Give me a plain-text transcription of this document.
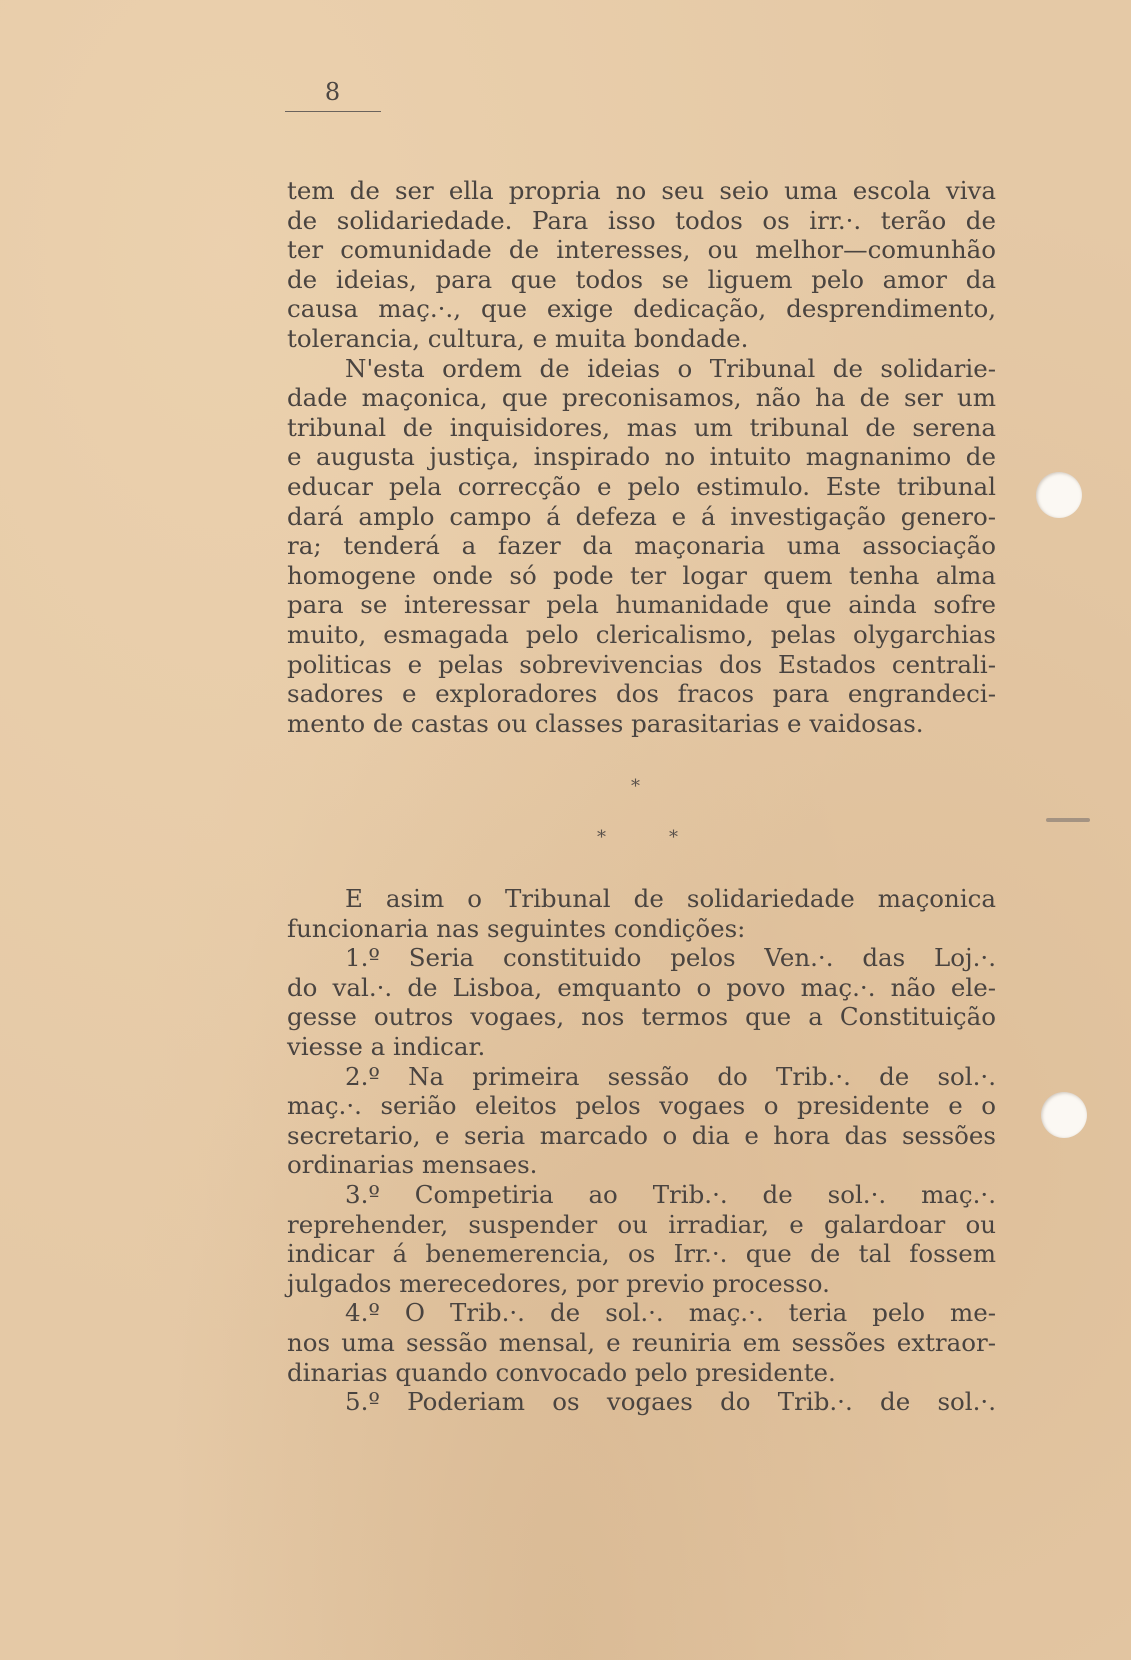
8
tem de ser ella propria no seu seio uma escola viva
de solidariedade. Para isso todos os irr.·. terão de
ter comunidade de interesses, ou melhor—comunhão
de ideias, para que todos se liguem pelo amor da
causa maç.·., que exige dedicação, desprendimento,
tolerancia, cultura, e muita bondade.
N'esta ordem de ideias o Tribunal de solidarie-
dade maçonica, que preconisamos, não ha de ser um
tribunal de inquisidores, mas um tribunal de serena
e augusta justiça, inspirado no intuito magnanimo de
educar pela correcção e pelo estimulo. Este tribunal
dará amplo campo á defeza e á investigação genero-
ra; tenderá a fazer da maçonaria uma associação
homogene onde só pode ter logar quem tenha alma
para se interessar pela humanidade que ainda sofre
muito, esmagada pelo clericalismo, pelas olygarchias
politicas e pelas sobrevivencias dos Estados centrali-
sadores e exploradores dos fracos para engrandeci-
mento de castas ou classes parasitarias e vaidosas.
*
*	*
E asim o Tribunal de solidariedade maçonica
funcionaria nas seguintes condições:
1.º Seria constituido pelos Ven.·. das Loj.·.
do val.·. de Lisboa, emquanto o povo maç.·. não ele-
gesse outros vogaes, nos termos que a Constituição
viesse a indicar.
2.º Na primeira sessão do Trib.·. de sol.·.
maç.·. serião eleitos pelos vogaes o presidente e o
secretario, e seria marcado o dia e hora das sessões
ordinarias mensaes.
3.º Competiria ao Trib.·. de sol.·. maç.·.
reprehender, suspender ou irradiar, e galardoar ou
indicar á benemerencia, os Irr.·. que de tal fossem
julgados merecedores, por previo processo.
4.º O Trib.·. de sol.·. maç.·. teria pelo me-
nos uma sessão mensal, e reuniria em sessões extraor-
dinarias quando convocado pelo presidente.
5.º Poderiam os vogaes do Trib.·. de sol.·.
